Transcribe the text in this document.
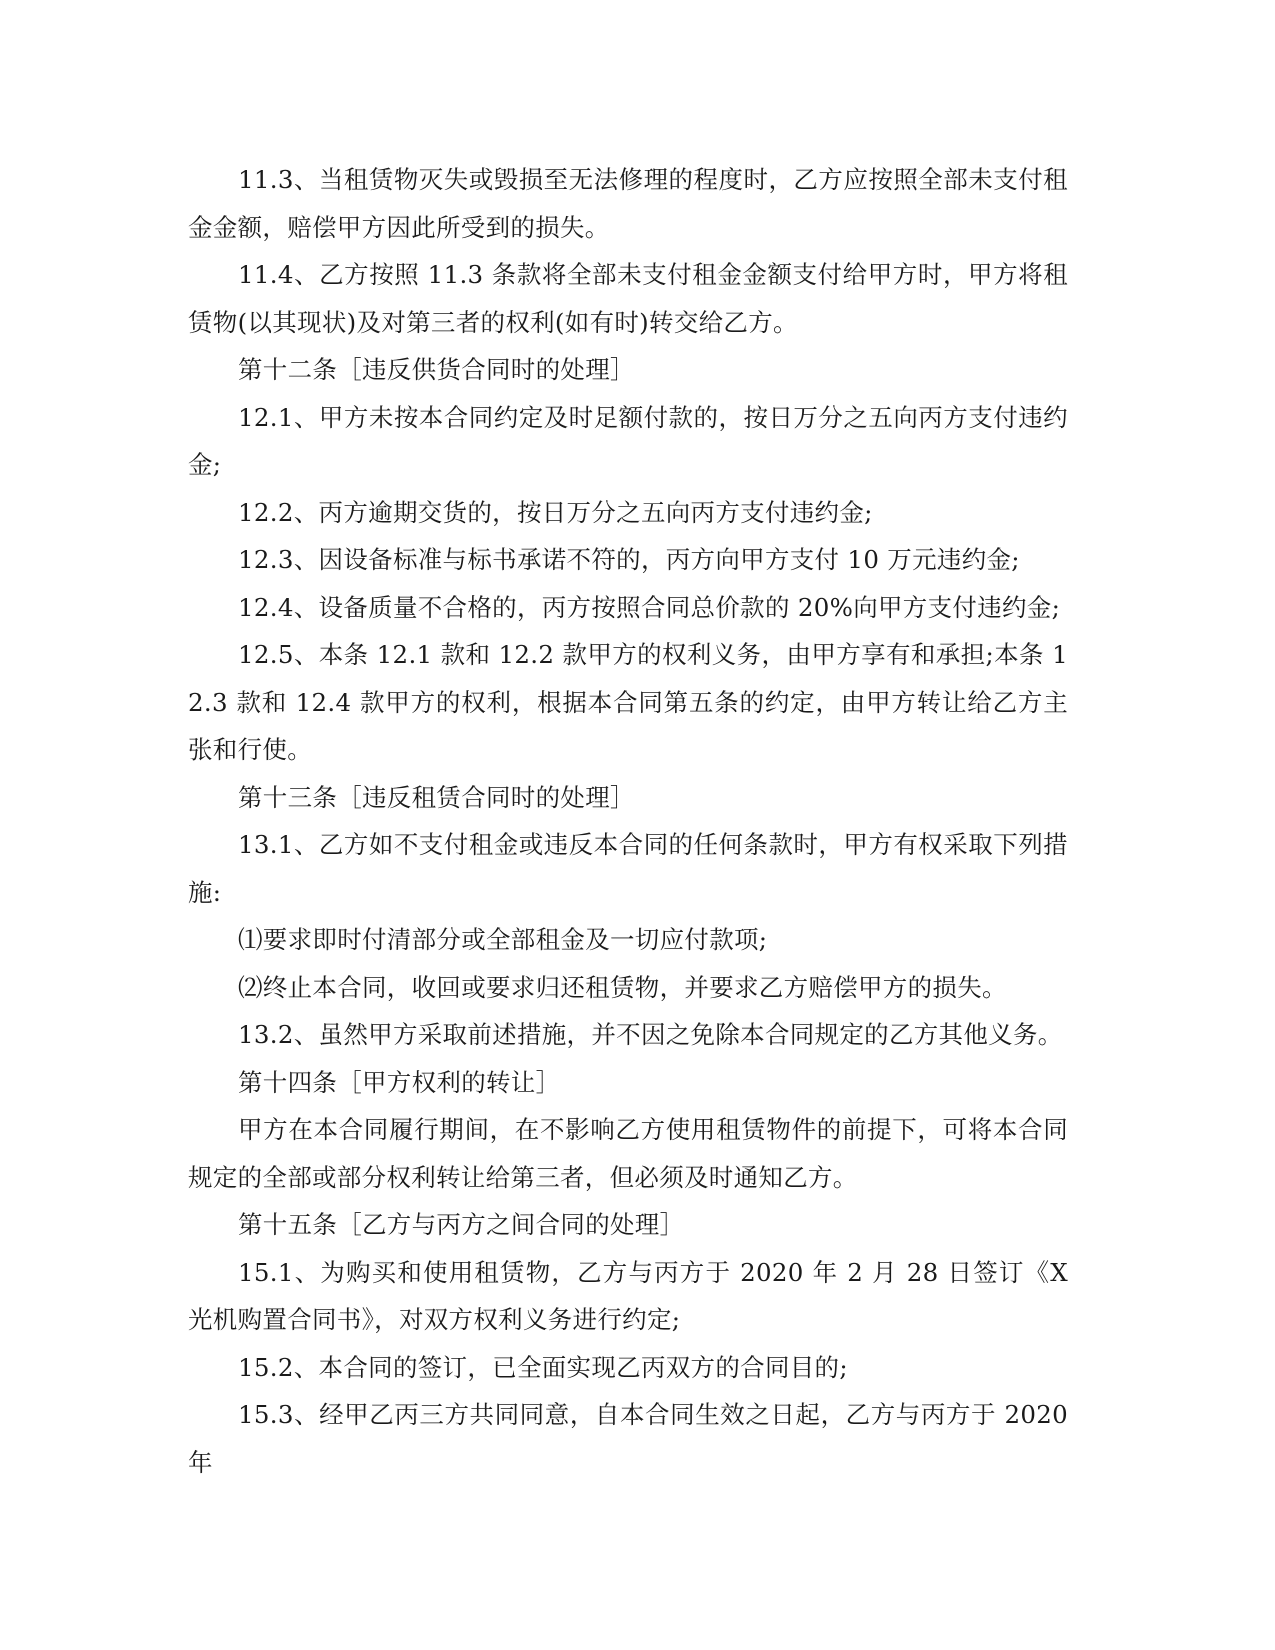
11.3、当租赁物灭失或毁损至无法修理的程度时，乙方应按照全部未支付租金金额，赔偿甲方因此所受到的损失。

11.4、乙方按照 11.3 条款将全部未支付租金金额支付给甲方时，甲方将租赁物(以其现状)及对第三者的权利(如有时)转交给乙方。

第十二条［违反供货合同时的处理］

12.1、甲方未按本合同约定及时足额付款的，按日万分之五向丙方支付违约金;

12.2、丙方逾期交货的，按日万分之五向丙方支付违约金;

12.3、因设备标准与标书承诺不符的，丙方向甲方支付 10 万元违约金;

12.4、设备质量不合格的，丙方按照合同总价款的 20%向甲方支付违约金;

12.5、本条 12.1 款和 12.2 款甲方的权利义务，由甲方享有和承担;本条 12.3 款和 12.4 款甲方的权利，根据本合同第五条的约定，由甲方转让给乙方主张和行使。

第十三条［违反租赁合同时的处理］

13.1、乙方如不支付租金或违反本合同的任何条款时，甲方有权采取下列措施:

⑴要求即时付清部分或全部租金及一切应付款项;

⑵终止本合同，收回或要求归还租赁物，并要求乙方赔偿甲方的损失。

13.2、虽然甲方采取前述措施，并不因之免除本合同规定的乙方其他义务。

第十四条［甲方权利的转让］

甲方在本合同履行期间，在不影响乙方使用租赁物件的前提下，可将本合同规定的全部或部分权利转让给第三者，但必须及时通知乙方。

第十五条［乙方与丙方之间合同的处理］

15.1、为购买和使用租赁物，乙方与丙方于 2020 年 2 月 28 日签订《X 光机购置合同书》，对双方权利义务进行约定;

15.2、本合同的签订，已全面实现乙丙双方的合同目的;

15.3、经甲乙丙三方共同同意，自本合同生效之日起，乙方与丙方于 2020 年
